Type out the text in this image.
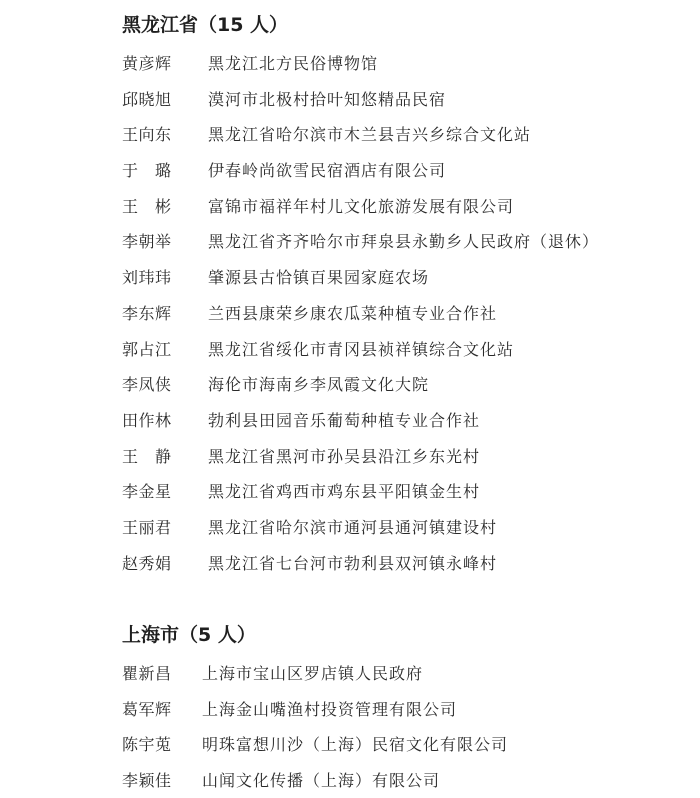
黑龙江省（15 人）
黄彦辉	黑龙江北方民俗博物馆
邱晓旭	漠河市北极村拾叶知悠精品民宿
王向东	黑龙江省哈尔滨市木兰县吉兴乡综合文化站
于　璐	伊春岭尚欲雪民宿酒店有限公司
王　彬	富锦市福祥年村儿文化旅游发展有限公司
李朝举	黑龙江省齐齐哈尔市拜泉县永勤乡人民政府（退休）
刘玮玮	肇源县古恰镇百果园家庭农场
李东辉	兰西县康荣乡康农瓜菜种植专业合作社
郭占江	黑龙江省绥化市青冈县祯祥镇综合文化站
李凤侠	海伦市海南乡李凤霞文化大院
田作林	勃利县田园音乐葡萄种植专业合作社
王　静	黑龙江省黑河市孙吴县沿江乡东光村
李金星	黑龙江省鸡西市鸡东县平阳镇金生村
王丽君	黑龙江省哈尔滨市通河县通河镇建设村
赵秀娟	黑龙江省七台河市勃利县双河镇永峰村
上海市（5 人）
瞿新昌	上海市宝山区罗店镇人民政府
葛军辉	上海金山嘴渔村投资管理有限公司
陈宇莵	明珠富想川沙（上海）民宿文化有限公司
李颖佳	山闻文化传播（上海）有限公司
